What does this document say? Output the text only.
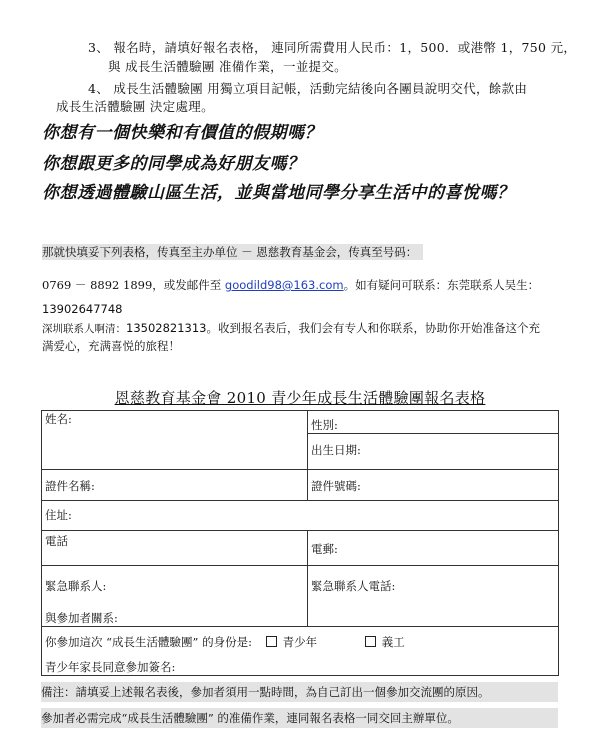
3、 報名時，請填好報名表格， 連同所需費用人民币：1，500．或港幣 1，750 元，
與 成長生活體驗團 准備作業，一並提交。
4、 成長生活體驗團 用獨立項目記帳，活動完結後向各團員說明交代，餘款由
成長生活體驗團 決定處理。
你想有一個快樂和有價值的假期嗎？
你想跟更多的同學成為好朋友嗎？
你想透過體驗山區生活，並與當地同學分享生活中的喜悅嗎？
那就快填妥下列表格，传真至主办单位 － 恩慈教育基金会，传真至号码：
0769 － 8892 1899，或发邮件至 goodild98@163.com。如有疑问可联系：东莞联系人吴生：
13902647748
深圳联系人啊清：13502821313。收到报名表后，我们会有专人和你联系，协助你开始准备这个充
满爱心，充满喜悦的旅程！
恩慈教育基金會 2010 青少年成長生活體驗團報名表格
姓名:	性別:
	出生日期:
證件名稱:	證件號碼:
住址:	
電話	電郵:

緊急聯系人:
與參加者關系:	緊急聯系人電話:

你參加這次 “成長生活體驗團” 的身份是: 青少年 義工
青少年家長同意參加簽名:	
備注：請填妥上述報名表後，參加者須用一點時間，為自己訂出一個參加交流團的原因。
參加者必需完成“成長生活體驗團” 的准備作業，連同報名表格一同交回主辦單位。
